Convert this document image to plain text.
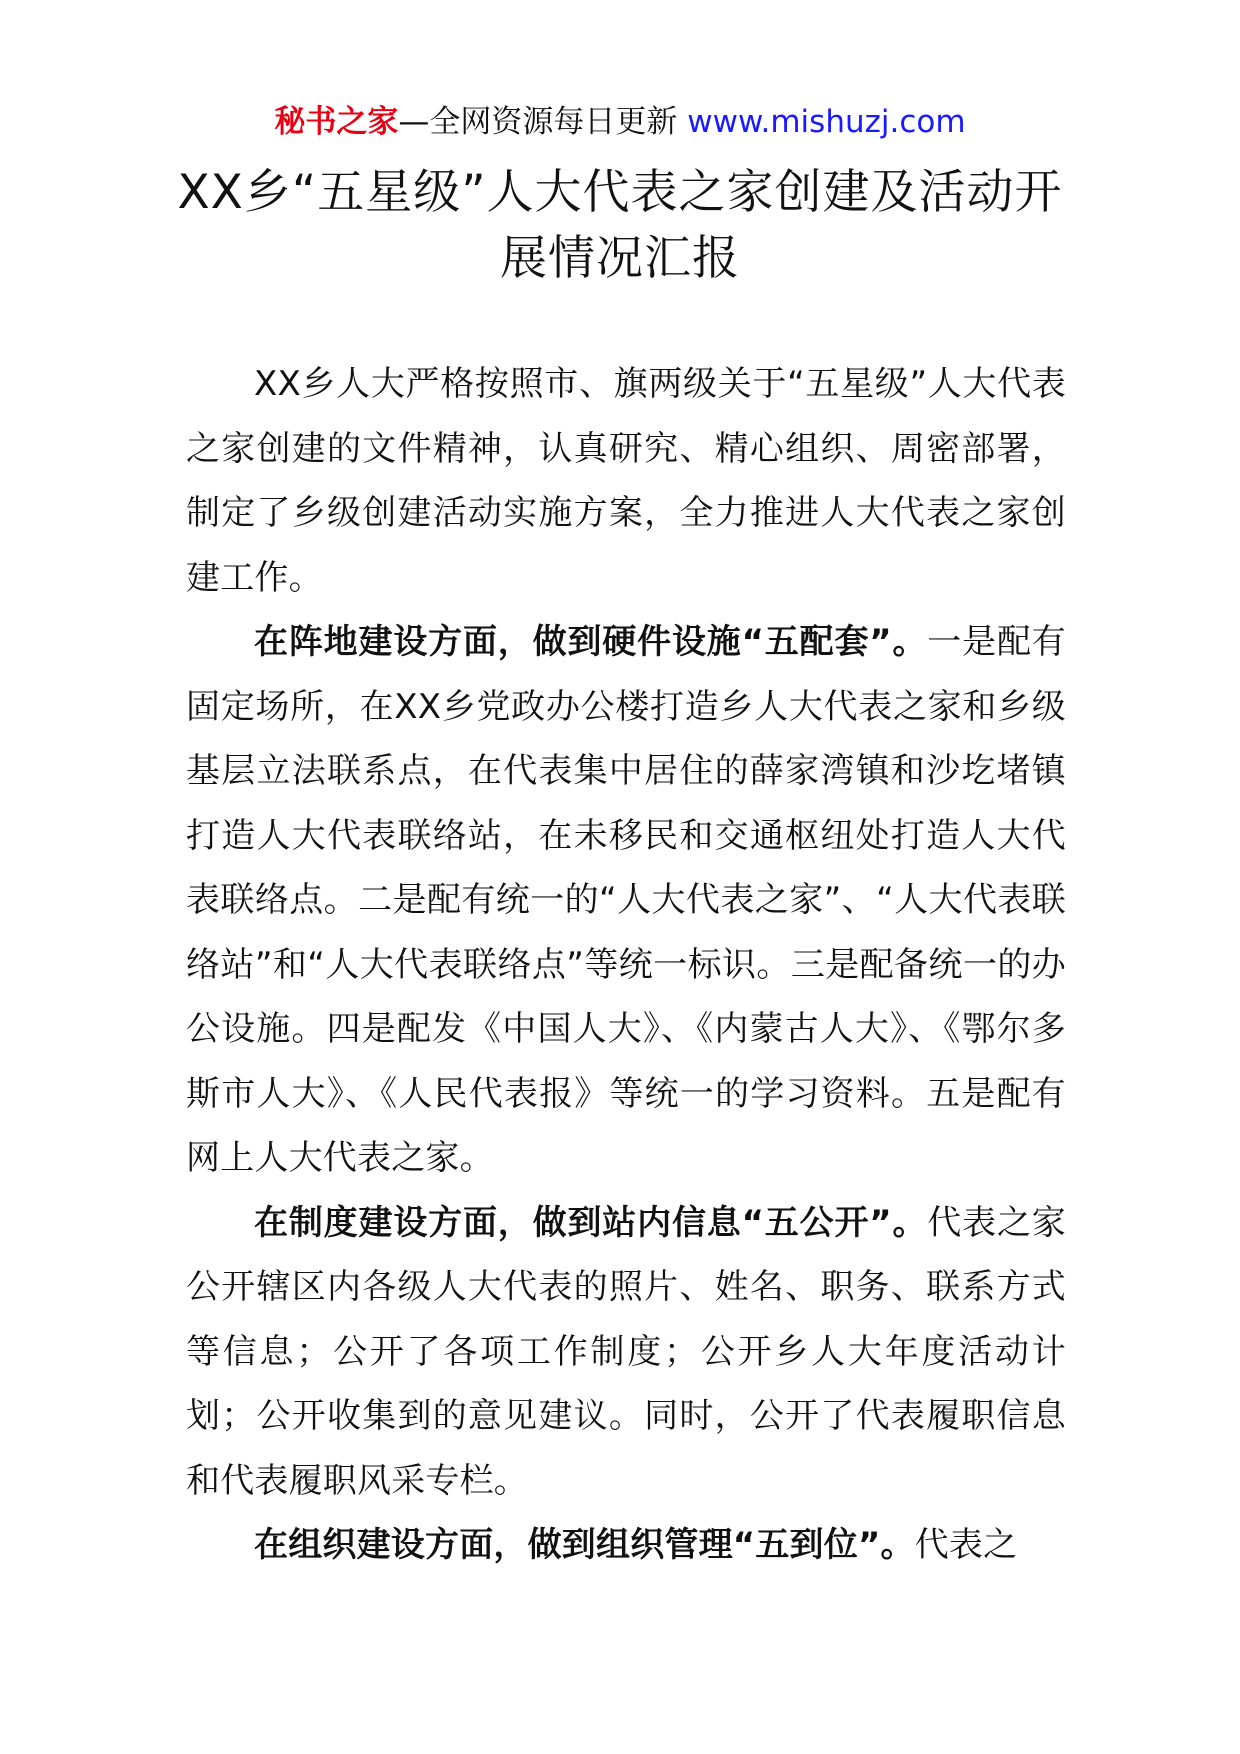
秘书之家—全网资源每日更新 www.mishuzj.com
XX乡“五星级”人大代表之家创建及活动开展情况汇报

XX乡人大严格按照市、旗两级关于“五星级”人大代表之家创建的文件精神，认真研究、精心组织、周密部署，制定了乡级创建活动实施方案，全力推进人大代表之家创建工作。

在阵地建设方面，做到硬件设施“五配套”。一是配有固定场所，在XX乡党政办公楼打造乡人大代表之家和乡级基层立法联系点，在代表集中居住的薛家湾镇和沙圪堵镇打造人大代表联络站，在未移民和交通枢纽处打造人大代表联络点。二是配有统一的“人大代表之家”、“人大代表联络站”和“人大代表联络点”等统一标识。三是配备统一的办公设施。四是配发《中国人大》、《内蒙古人大》、《鄂尔多斯市人大》、《人民代表报》等统一的学习资料。五是配有网上人大代表之家。

在制度建设方面，做到站内信息“五公开”。代表之家公开辖区内各级人大代表的照片、姓名、职务、联系方式等信息；公开了各项工作制度；公开乡人大年度活动计划；公开收集到的意见建议。同时，公开了代表履职信息和代表履职风采专栏。

在组织建设方面，做到组织管理“五到位”。代表之
